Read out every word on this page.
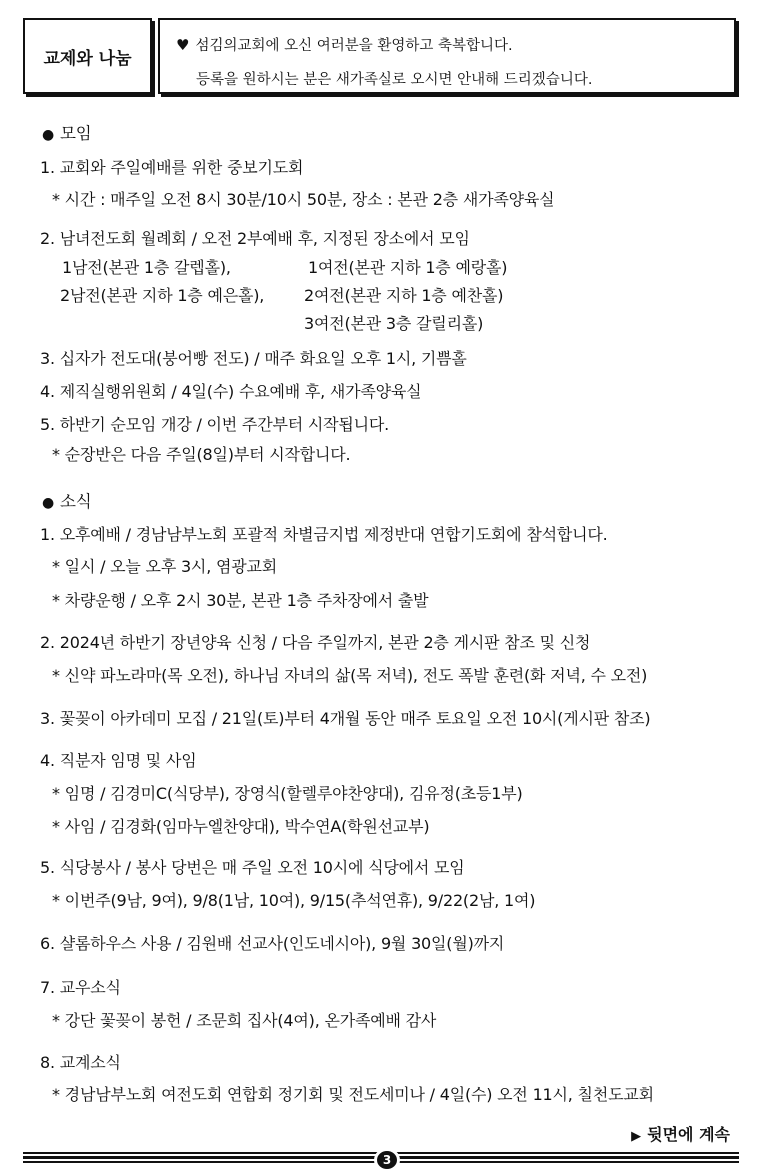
교제와 나눔
♥ 섬김의교회에 오신 여러분을 환영하고 축복합니다.
등록을 원하시는 분은 새가족실로 오시면 안내해 드리겠습니다.
● 모임
1. 교회와 주일예배를 위한 중보기도회
* 시간 : 매주일 오전 8시 30분/10시 50분, 장소 : 본관 2층 새가족양육실
2. 남녀전도회 월례회 / 오전 2부예배 후, 지정된 장소에서 모임
1남전(본관 1층 갈렙홀),	1여전(본관 지하 1층 예랑홀)
2남전(본관 지하 1층 예은홀), 2여전(본관 지하 1층 예찬홀)
3여전(본관 3층 갈릴리홀)
3. 십자가 전도대(붕어빵 전도) / 매주 화요일 오후 1시, 기쁨홀
4. 제직실행위원회 / 4일(수) 수요예배 후, 새가족양육실
5. 하반기 순모임 개강 / 이번 주간부터 시작됩니다.
* 순장반은 다음 주일(8일)부터 시작합니다.
● 소식
1. 오후예배 / 경남남부노회 포괄적 차별금지법 제정반대 연합기도회에 참석합니다.
* 일시 / 오늘 오후 3시, 염광교회
* 차량운행 / 오후 2시 30분, 본관 1층 주차장에서 출발
2. 2024년 하반기 장년양육 신청 / 다음 주일까지, 본관 2층 게시판 참조 및 신청
* 신약 파노라마(목 오전), 하나님 자녀의 삶(목 저녁), 전도 폭발 훈련(화 저녁, 수 오전)
3. 꽃꽂이 아카데미 모집 / 21일(토)부터 4개월 동안 매주 토요일 오전 10시(게시판 참조)
4. 직분자 임명 및 사임
* 임명 / 김경미C(식당부), 장영식(할렐루야찬양대), 김유정(초등1부)
* 사임 / 김경화(임마누엘찬양대), 박수연A(학원선교부)
5. 식당봉사 / 봉사 당번은 매 주일 오전 10시에 식당에서 모임
* 이번주(9남, 9여), 9/8(1남, 10여), 9/15(추석연휴), 9/22(2남, 1여)
6. 샬롬하우스 사용 / 김원배 선교사(인도네시아), 9월 30일(월)까지
7. 교우소식
* 강단 꽃꽂이 봉헌 / 조문희 집사(4여), 온가족예배 감사
8. 교계소식
* 경남남부노회 여전도회 연합회 정기회 및 전도세미나 / 4일(수) 오전 11시, 칠천도교회
▶ 뒷면에 계속
3
